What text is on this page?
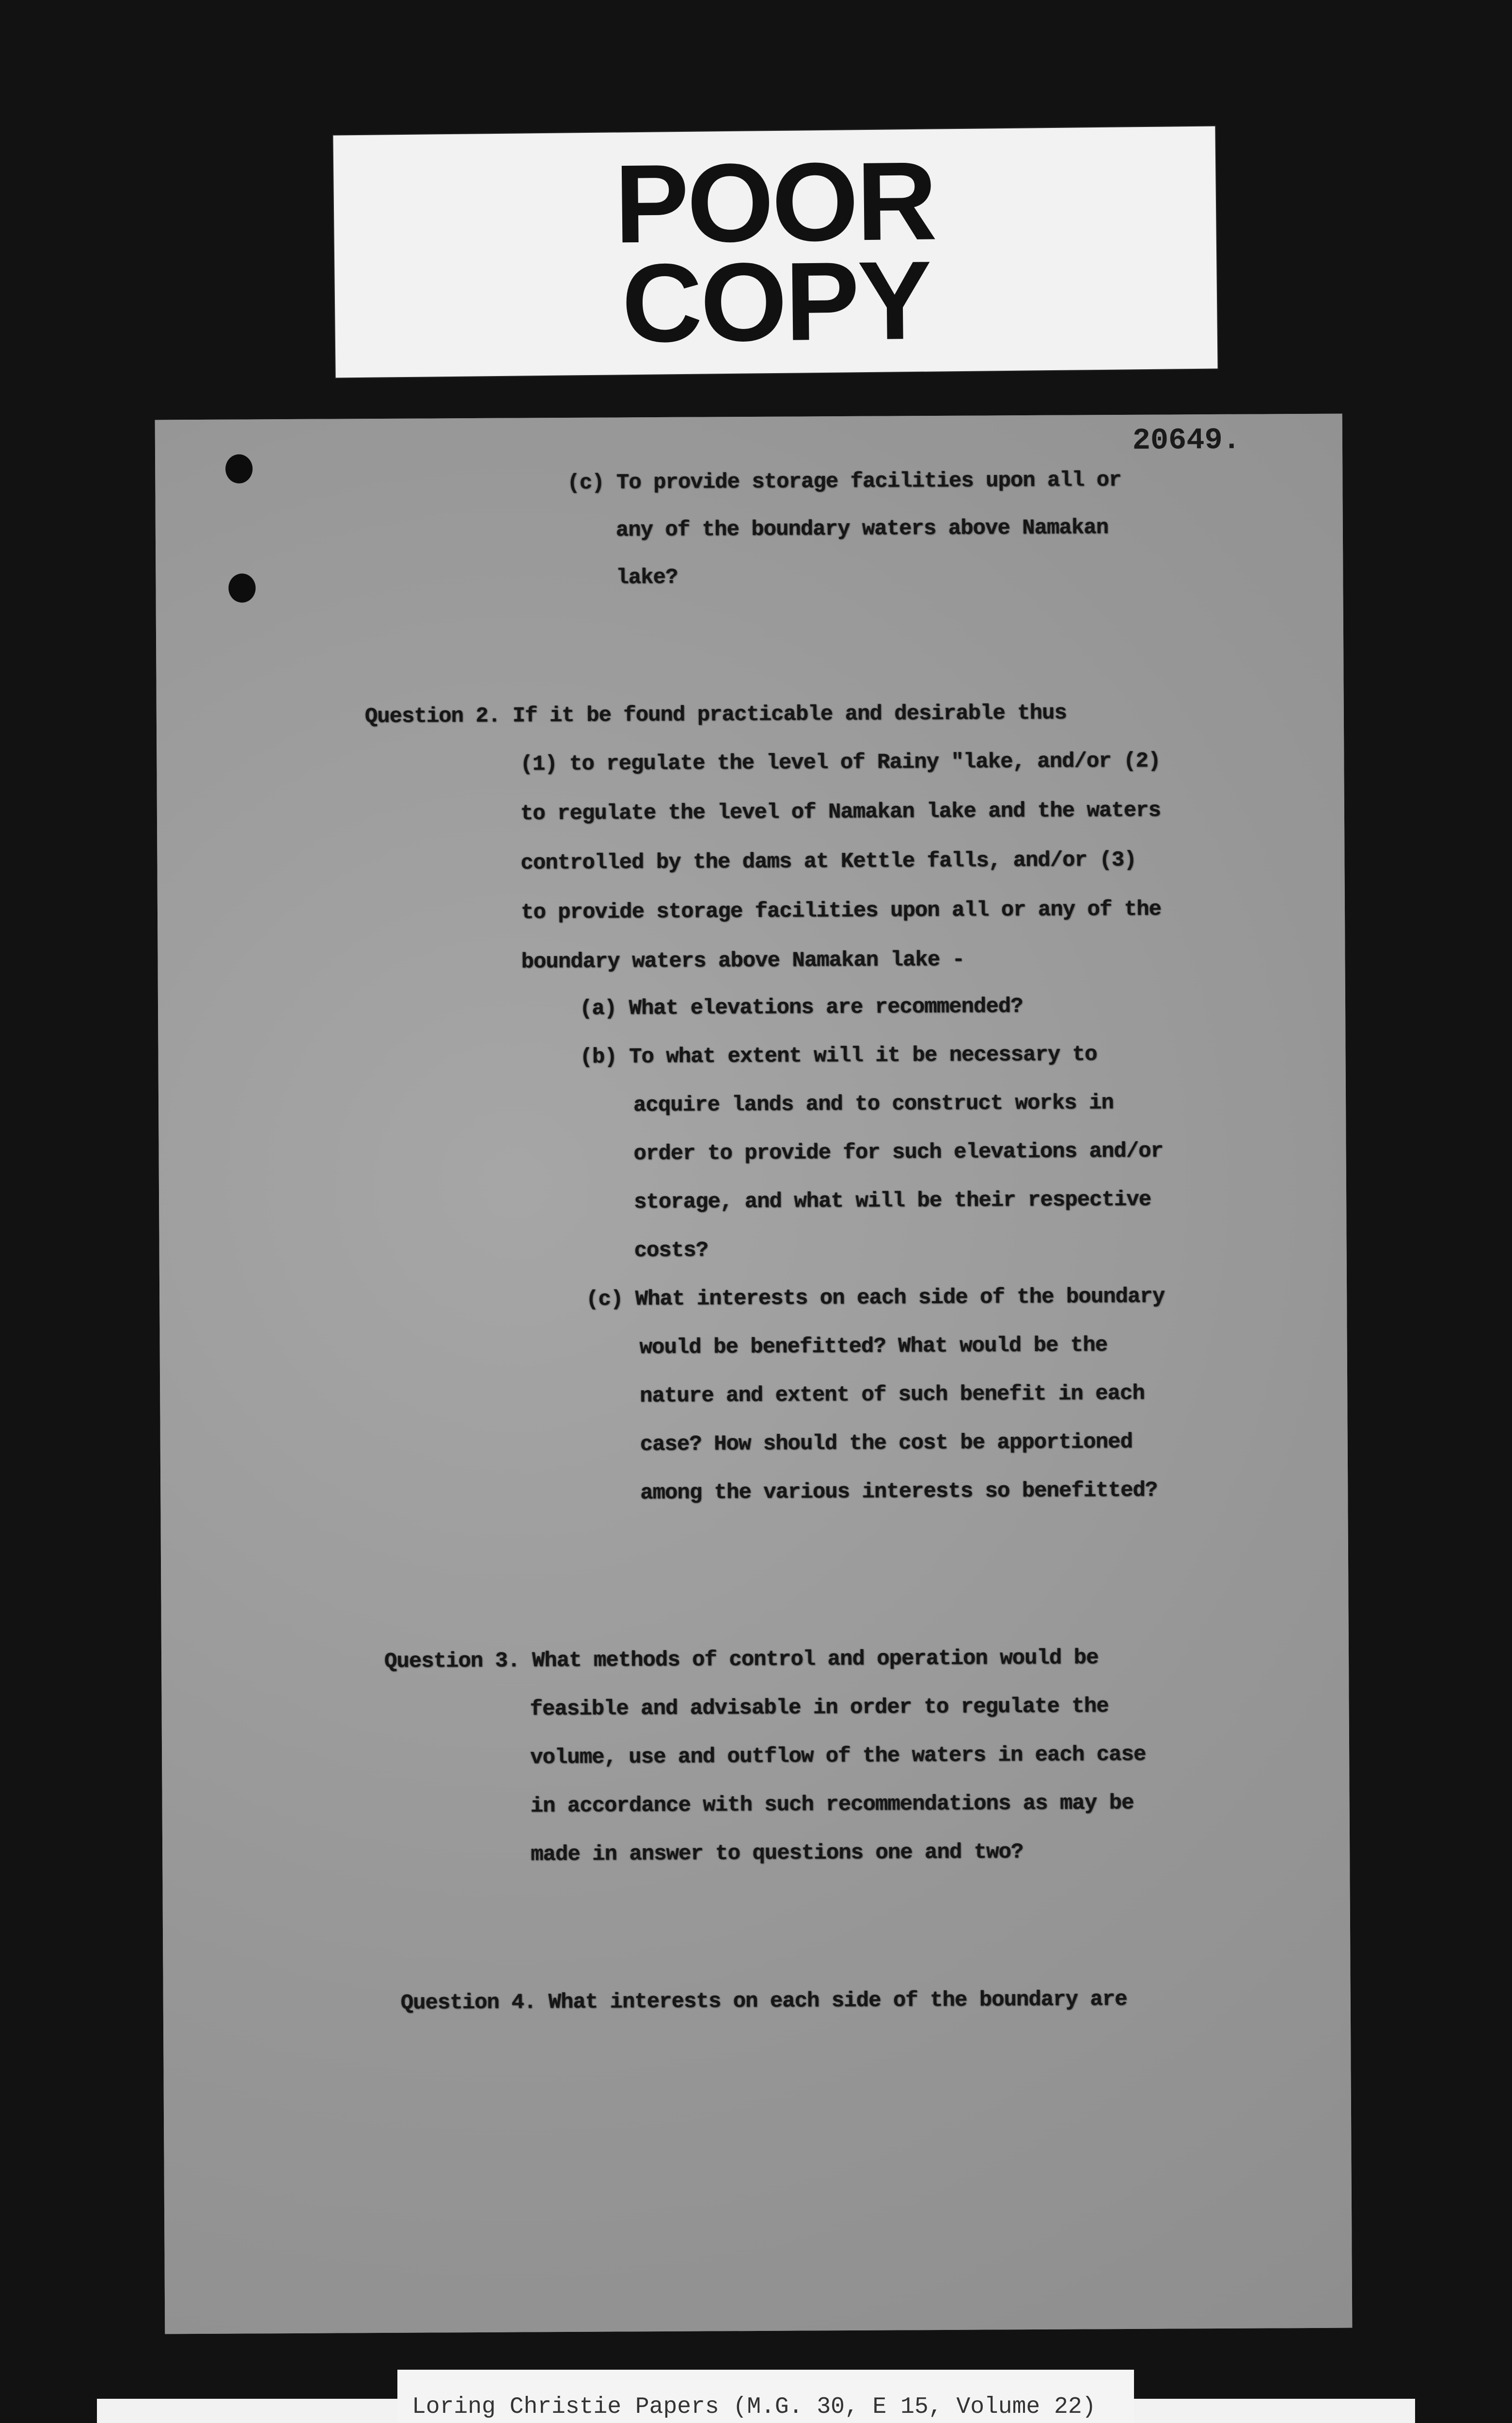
POOR
COPY
20649.
(c) To provide storage facilities upon all or
any of the boundary waters above Namakan
lake?
Question 2. If it be found practicable and desirable thus
(1) to regulate the level of Rainy "lake, and/or (2)
to regulate the level of Namakan lake and the waters
controlled by the dams at Kettle falls, and/or (3)
to provide storage facilities upon all or any of the
boundary waters above Namakan lake -
(a) What elevations are recommended?
(b) To what extent will it be necessary to
acquire lands and to construct works in
order to provide for such elevations and/or
storage, and what will be their respective
costs?
(c) What interests on each side of the boundary
would be benefitted? What would be the
nature and extent of such benefit in each
case? How should the cost be apportioned
among the various interests so benefitted?
Question 3. What methods of control and operation would be
feasible and advisable in order to regulate the
volume, use and outflow of the waters in each case
in accordance with such recommendations as may be
made in answer to questions one and two?
Question 4. What interests on each side of the boundary are
Loring Christie Papers (M.G. 30, E 15, Volume 22)
